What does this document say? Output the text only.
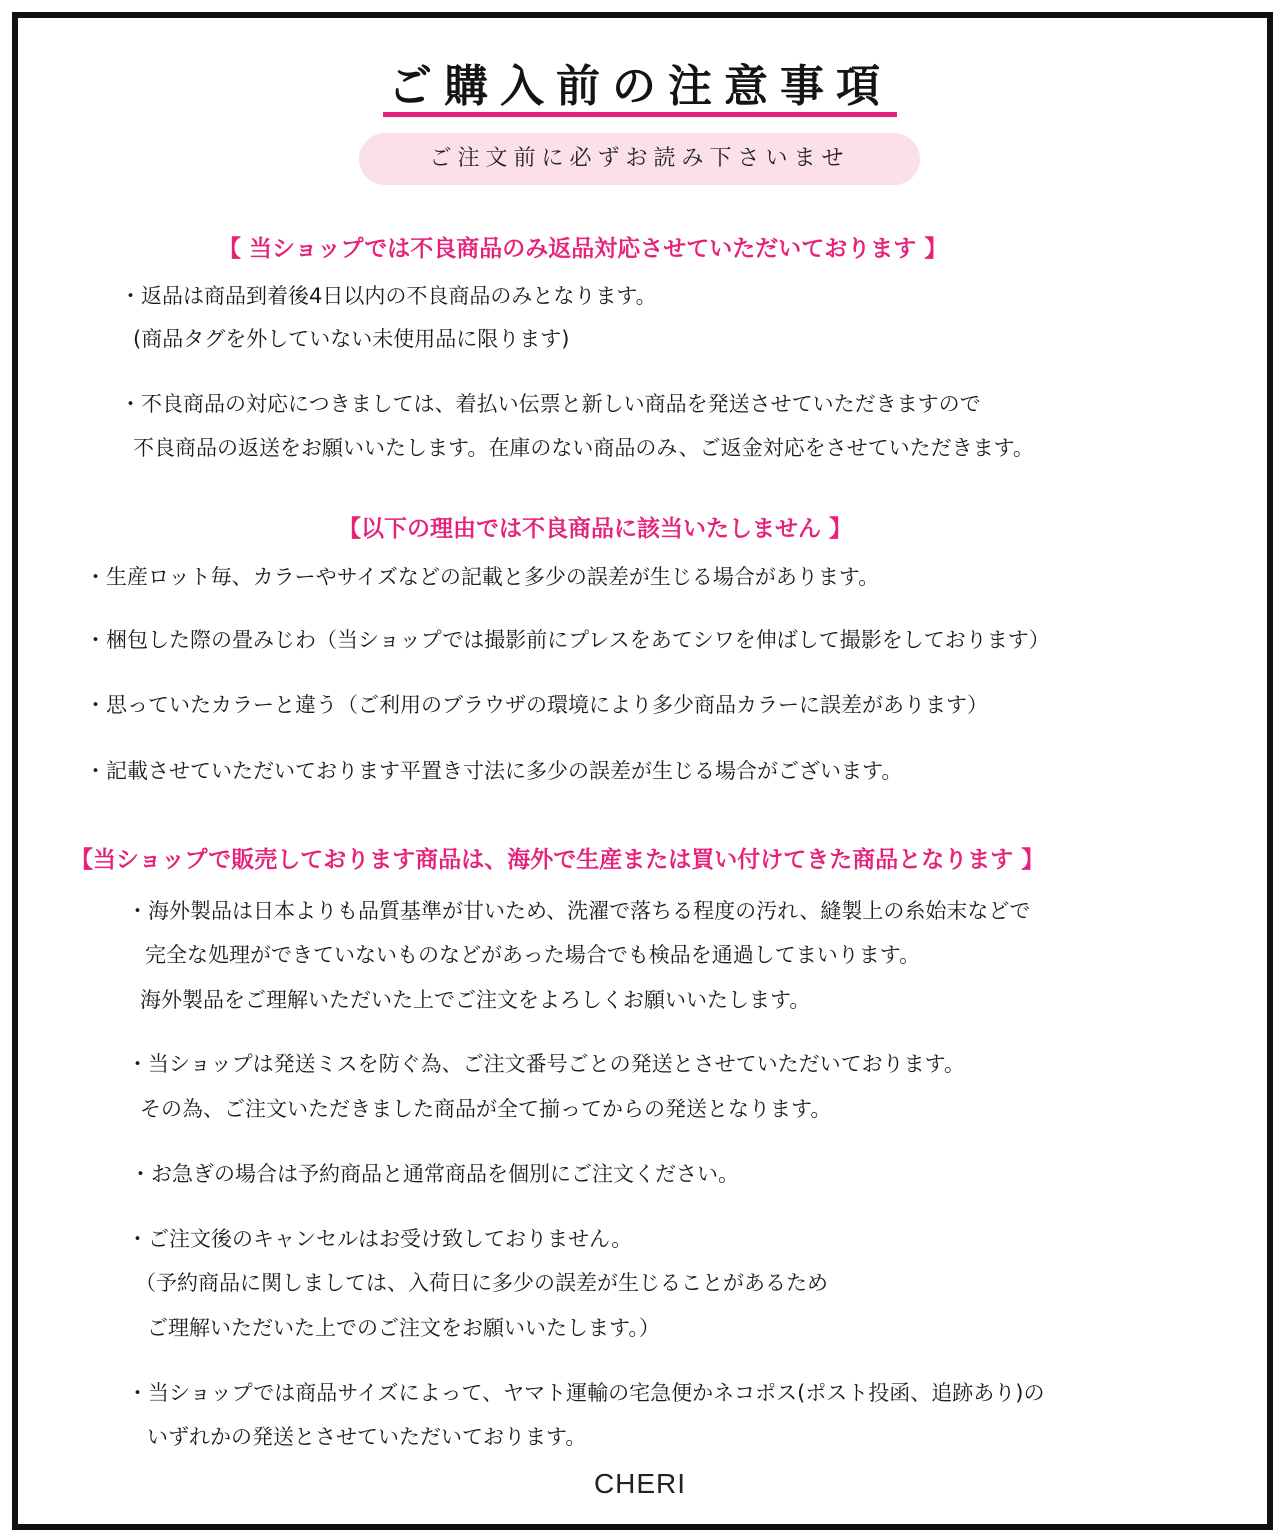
ご購入前の注意事項
ご注文前に必ずお読み下さいませ
【 当ショップでは不良商品のみ返品対応させていただいております 】
・返品は商品到着後4日以内の不良商品のみとなります。
(商品タグを外していない未使用品に限ります)
・不良商品の対応につきましては、着払い伝票と新しい商品を発送させていただきますので
不良商品の返送をお願いいたします。在庫のない商品のみ、ご返金対応をさせていただきます。
【以下の理由では不良商品に該当いたしません 】
・生産ロット毎、カラーやサイズなどの記載と多少の誤差が生じる場合があります。
・梱包した際の畳みじわ（当ショップでは撮影前にプレスをあてシワを伸ばして撮影をしております）
・思っていたカラーと違う（ご利用のブラウザの環境により多少商品カラーに誤差があります）
・記載させていただいております平置き寸法に多少の誤差が生じる場合がございます。
【当ショップで販売しております商品は、海外で生産または買い付けてきた商品となります 】
・海外製品は日本よりも品質基準が甘いため、洗濯で落ちる程度の汚れ、縫製上の糸始末などで
完全な処理ができていないものなどがあった場合でも検品を通過してまいります。
海外製品をご理解いただいた上でご注文をよろしくお願いいたします。
・当ショップは発送ミスを防ぐ為、ご注文番号ごとの発送とさせていただいております。
その為、ご注文いただきました商品が全て揃ってからの発送となります。
・お急ぎの場合は予約商品と通常商品を個別にご注文ください。
・ご注文後のキャンセルはお受け致しておりません。
（予約商品に関しましては、入荷日に多少の誤差が生じることがあるため
ご理解いただいた上でのご注文をお願いいたします。）
・当ショップでは商品サイズによって、ヤマト運輸の宅急便かネコポス(ポスト投函、追跡あり)の
いずれかの発送とさせていただいております。
CHERI
